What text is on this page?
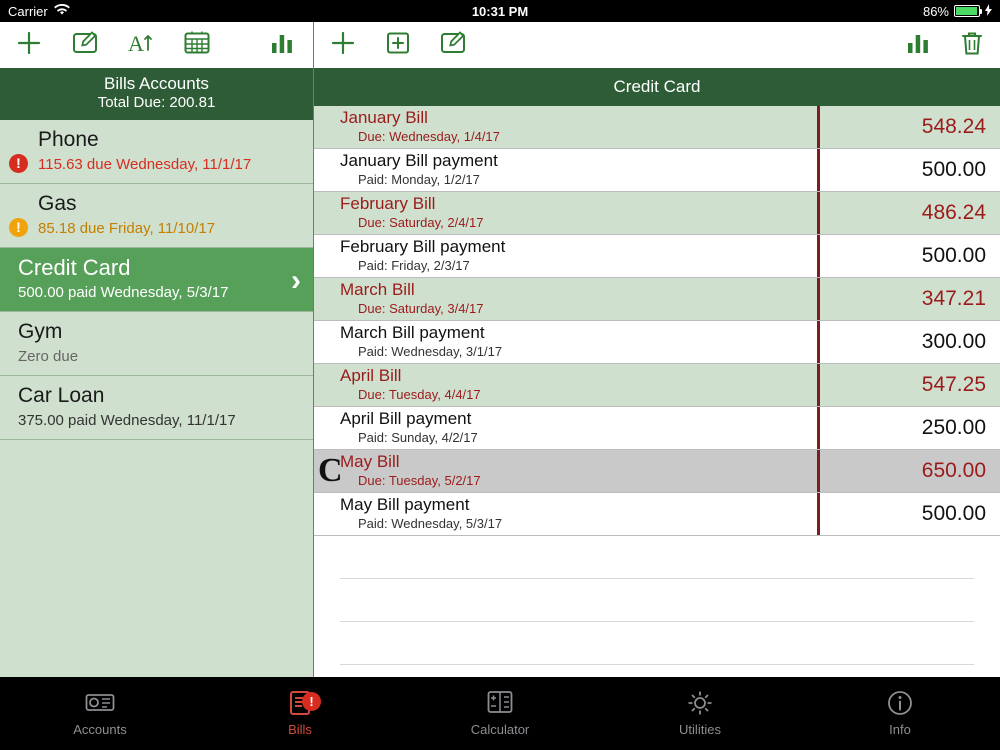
Carrier	10:31 PM	86%
A
Bills Accounts
Total Due: 200.81
!
Phone
115.63 due Wednesday, 11/1/17
!
Gas
85.18 due Friday, 11/10/17
Credit Card
500.00 paid Wednesday, 5/3/17	›
Gym
Zero due
Car Loan
375.00 paid Wednesday, 11/1/17
Credit Card
January Bill
Due: Wednesday, 1/4/17	548.24
January Bill payment
Paid: Monday, 1/2/17	500.00
February Bill
Due: Saturday, 2/4/17	486.24
February Bill payment
Paid: Friday, 2/3/17	500.00
March Bill
Due: Saturday, 3/4/17	347.21
March Bill payment
Paid: Wednesday, 3/1/17	300.00
April Bill
Due: Tuesday, 4/4/17	547.25
April Bill payment
Paid: Sunday, 4/2/17	250.00
C
May Bill
Due: Tuesday, 5/2/17	650.00
May Bill payment
Paid: Wednesday, 5/3/17	500.00
Accounts	Bills
!
Calculator	Utilities	Info
